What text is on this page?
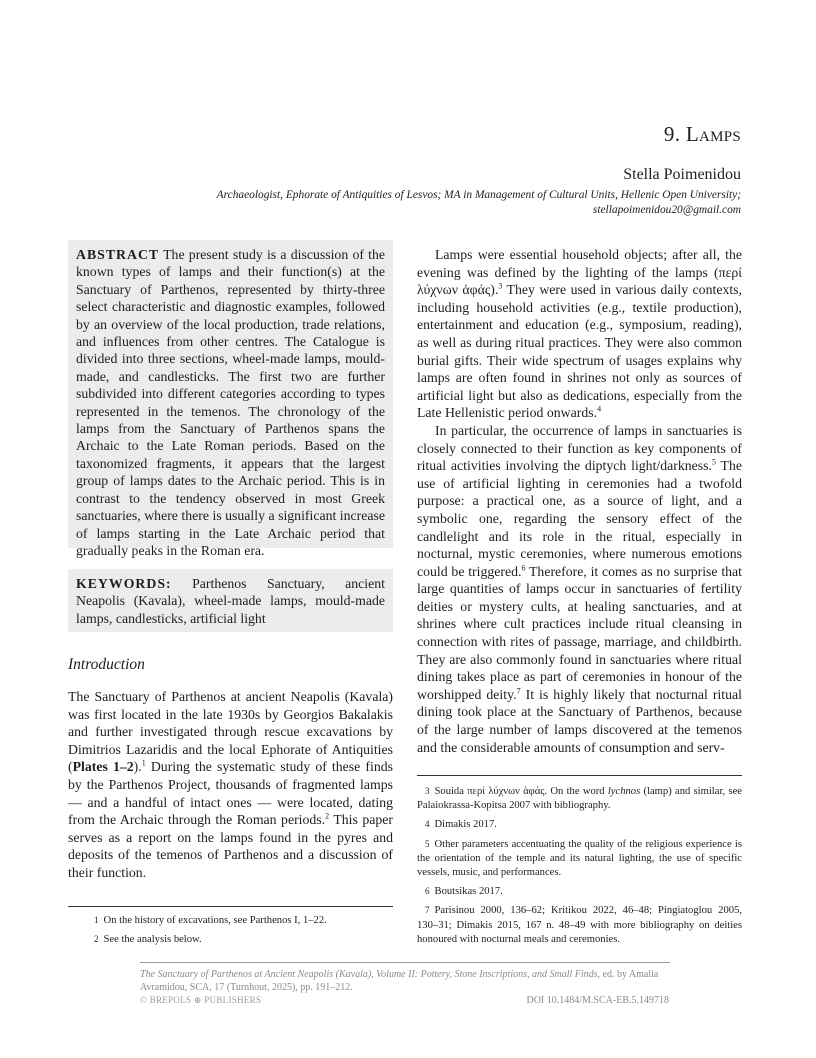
9. Lamps
Stella Poimenidou
Archaeologist, Ephorate of Antiquities of Lesvos; MA in Management of Cultural Units, Hellenic Open University;
stellapoimenidou20@gmail.com
ABSTRACT The present study is a discussion of the known types of lamps and their function(s) at the Sanctuary of Parthenos, represented by thirty-three select characteristic and diagnostic examples, followed by an overview of the local production, trade relations, and influences from other centres. The Catalogue is divided into three sections, wheel-made lamps, mould-made, and candlesticks. The first two are further subdivided into different categories according to types represented in the temenos. The chronology of the lamps from the Sanctuary of Parthenos spans the Archaic to the Late Roman periods. Based on the taxonomized fragments, it appears that the largest group of lamps dates to the Archaic period. This is in contrast to the tendency observed in most Greek sanctuaries, where there is usually a significant increase of lamps starting in the Late Archaic period that gradually peaks in the Roman era.
KEYWORDS: Parthenos Sanctuary, ancient Neapolis (Kavala), wheel-made lamps, mould-made lamps, candlesticks, artificial light
Introduction

The Sanctuary of Parthenos at ancient Neapolis (Kavala) was first located in the late 1930s by Georgios Bakalakis and further investigated through rescue excavations by Dimitrios Lazaridis and the local Ephorate of Antiquities (Plates 1–2).$^1$ During the systematic study of these finds by the Parthenos Project, thousands of fragmented lamps — and a handful of intact ones — were located, dating from the Archaic through the Roman periods.$^2$ This paper serves as a report on the lamps found in the pyres and deposits of the temenos of Parthenos and a discussion of their function.

Lamps were essential household objects; after all, the evening was defined by the lighting of the lamps (περί λύχνων ἁφάς).$^3$ They were used in various daily contexts, including household activities (e.g., textile production), entertainment and education (e.g., symposium, reading), as well as during ritual practices. They were also common burial gifts. Their wide spectrum of usages explains why lamps are often found in shrines not only as sources of artificial light but also as dedications, especially from the Late Hellenistic period onwards.$^4$

In particular, the occurrence of lamps in sanctuaries is closely connected to their function as key components of ritual activities involving the diptych light/darkness.$^5$ The use of artificial lighting in ceremonies had a twofold purpose: a practical one, as a source of light, and a symbolic one, regarding the sensory effect of the candlelight and its role in the ritual, especially in nocturnal, mystic ceremonies, where numerous emotions could be triggered.$^6$ Therefore, it comes as no surprise that large quantities of lamps occur in sanctuaries of fertility deities or mystery cults, at healing sanctuaries, and at shrines where cult practices include ritual cleansing in connection with rites of passage, marriage, and childbirth. They are also commonly found in sanctuaries where ritual dining takes place as part of ceremonies in honour of the worshipped deity.$^7$ It is highly likely that nocturnal ritual dining took place at the Sanctuary of Parthenos, because of the large number of lamps discovered at the temenos and the considerable amounts of consumption and serv-

1 On the history of excavations, see Parthenos I, 1–22.

2 See the analysis below.

3 Souida περί λύχνων ἁφάς. On the word lychnos (lamp) and similar, see Palaiokrassa-Kopitsa 2007 with bibliography.

4 Dimakis 2017.

5 Other parameters accentuating the quality of the religious experience is the orientation of the temple and its natural lighting, the use of specific vessels, music, and performances.

6 Boutsikas 2017.

7 Parisinou 2000, 136–62; Kritikou 2022, 46–48; Pingiatoglou 2005, 130–31; Dimakis 2015, 167 n. 48–49 with more bibliography on deities honoured with nocturnal meals and ceremonies.

The Sanctuary of Parthenos at Ancient Neapolis (Kavala), Volume II: Pottery, Stone Inscriptions, and Small Finds, ed. by Amalia Avramidou, SCA, 17 (Turnhout, 2025), pp. 191–212.
© BREPOLS ⊕ PUBLISHERS	DOI 10.1484/M.SCA-EB.5.149718
